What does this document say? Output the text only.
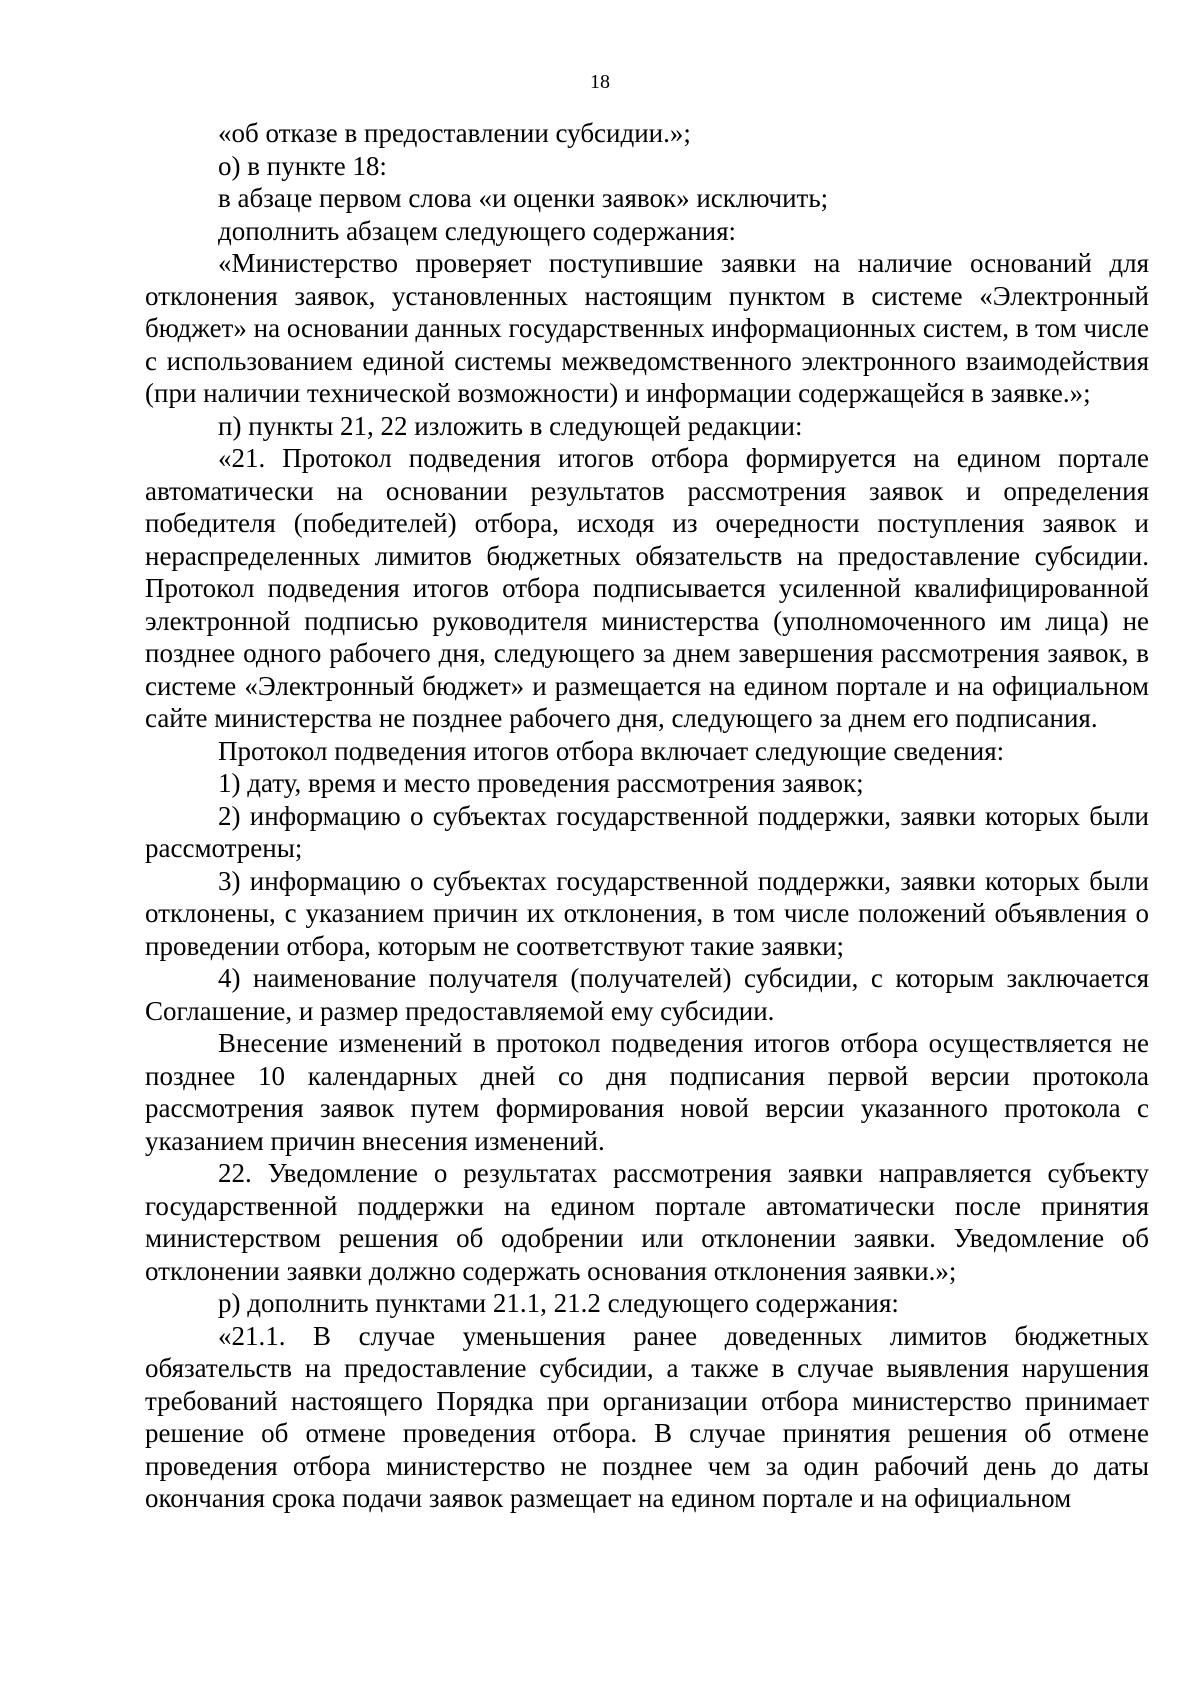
18

«об отказе в предоставлении субсидии.»;

о) в пункте 18:

в абзаце первом слова «и оценки заявок» исключить;

дополнить абзацем следующего содержания:

«Министерство проверяет поступившие заявки на наличие оснований для отклонения заявок, установленных настоящим пунктом в системе «Электронный бюджет» на основании данных государственных информационных систем, в том числе с использованием единой системы межведомственного электронного взаимодействия (при наличии технической возможности) и информации содержащейся в заявке.»;

п) пункты 21, 22 изложить в следующей редакции:

«21. Протокол подведения итогов отбора формируется на едином портале автоматически на основании результатов рассмотрения заявок и определения победителя (победителей) отбора, исходя из очередности поступления заявок и нераспределенных лимитов бюджетных обязательств на предоставление субсидии. Протокол подведения итогов отбора подписывается усиленной квалифицированной электронной подписью руководителя министерства (уполномоченного им лица) не позднее одного рабочего дня, следующего за днем завершения рассмотрения заявок, в системе «Электронный бюджет» и размещается на едином портале и на официальном сайте министерства не позднее рабочего дня, следующего за днем его подписания.

Протокол подведения итогов отбора включает следующие сведения:

1) дату, время и место проведения рассмотрения заявок;

2) информацию о субъектах государственной поддержки, заявки которых были рассмотрены;

3) информацию о субъектах государственной поддержки, заявки которых были отклонены, с указанием причин их отклонения, в том числе положений объявления о проведении отбора, которым не соответствуют такие заявки;

4) наименование получателя (получателей) субсидии, с которым заключается Соглашение, и размер предоставляемой ему субсидии.

Внесение изменений в протокол подведения итогов отбора осуществляется не позднее 10 календарных дней со дня подписания первой версии протокола рассмотрения заявок путем формирования новой версии указанного протокола с указанием причин внесения изменений.

22. Уведомление о результатах рассмотрения заявки направляется субъекту государственной поддержки на едином портале автоматически после принятия министерством решения об одобрении или отклонении заявки. Уведомление об отклонении заявки должно содержать основания отклонения заявки.»;

р) дополнить пунктами 21.1, 21.2 следующего содержания:

«21.1. В случае уменьшения ранее доведенных лимитов бюджетных обязательств на предоставление субсидии, а также в случае выявления нарушения требований настоящего Порядка при организации отбора министерство принимает решение об отмене проведения отбора. В случае принятия решения об отмене проведения отбора министерство не позднее чем за один рабочий день до даты окончания срока подачи заявок размещает на едином портале и на официальном
